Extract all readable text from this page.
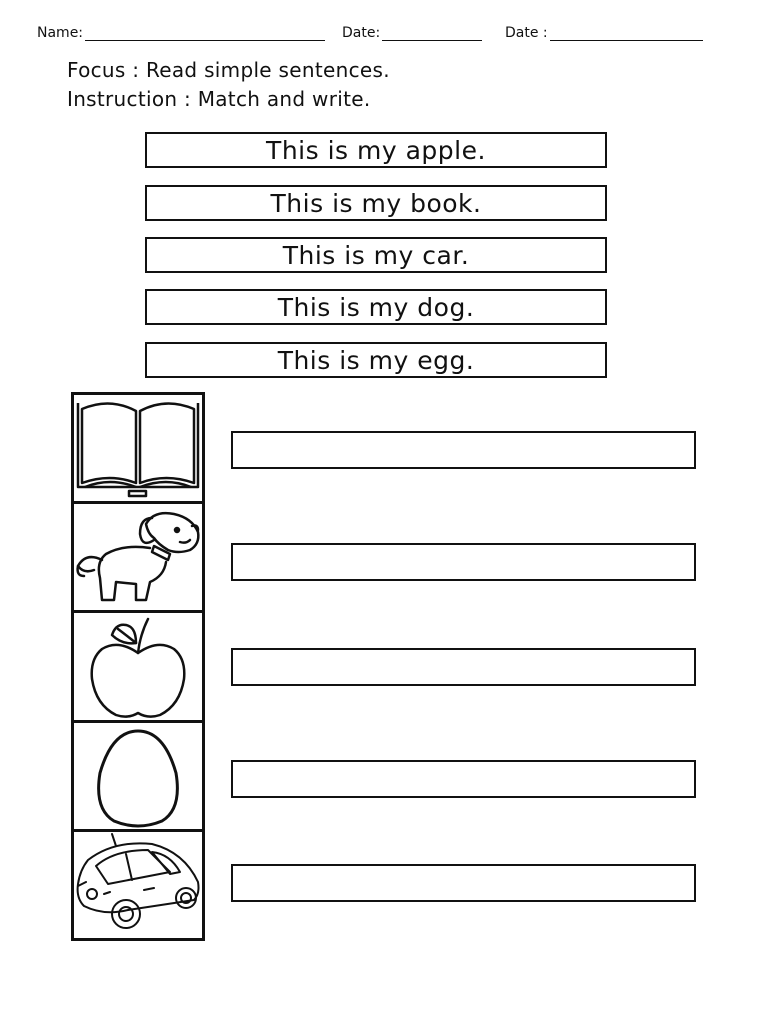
Name:	Date:	Date :
Focus : Read simple sentences.
Instruction : Match and write.
This is my apple.
This is my book.
This is my car.
This is my dog.
This is my egg.
